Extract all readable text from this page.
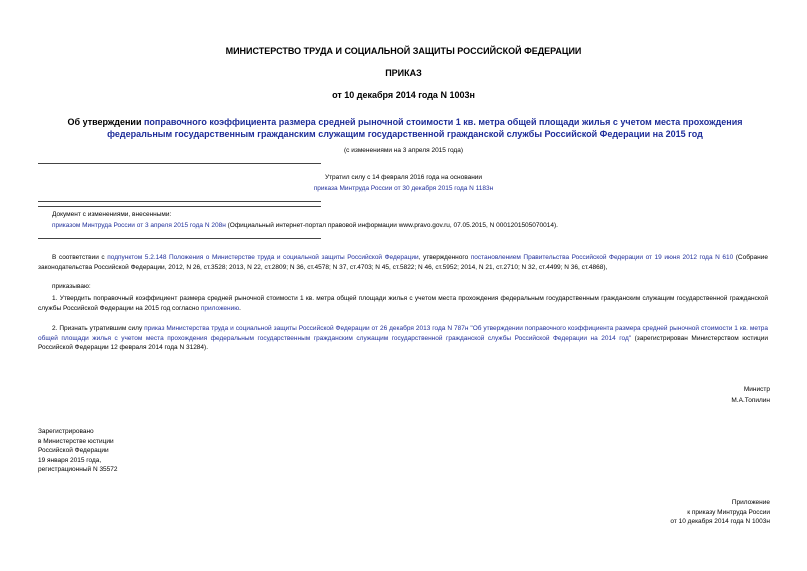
МИНИСТЕРСТВО ТРУДА И СОЦИАЛЬНОЙ ЗАЩИТЫ РОССИЙСКОЙ ФЕДЕРАЦИИ
ПРИКАЗ
от 10 декабря 2014 года N 1003н
Об утверждении поправочного коэффициента размера средней рыночной стоимости 1 кв. метра общей площади жилья с учетом места прохождения федеральным государственным гражданским служащим государственной гражданской службы Российской Федерации на 2015 год
(с изменениями на 3 апреля 2015 года)
Утратил силу с 14 февраля 2016 года на основании
приказа Минтруда России от 30 декабря 2015 года N 1183н
Документ с изменениями, внесенными:
приказом Минтруда России от 3 апреля 2015 года N 208н (Официальный интернет-портал правовой информации www.pravo.gov.ru, 07.05.2015, N 0001201505070014).
В соответствии с подпунктом 5.2.148 Положения о Министерстве труда и социальной защиты Российской Федерации, утвержденного постановлением Правительства Российской Федерации от 19 июня 2012 года N 610 (Собрание законодательства Российской Федерации, 2012, N 26, ст.3528; 2013, N 22, ст.2809; N 36, ст.4578; N 37, ст.4703; N 45, ст.5822; N 46, ст.5952; 2014, N 21, ст.2710; N 32, ст.4499; N 36, ст.4868),
приказываю:
1. Утвердить поправочный коэффициент размера средней рыночной стоимости 1 кв. метра общей площади жилья с учетом места прохождения федеральным государственным гражданским служащим государственной гражданской службы Российской Федерации на 2015 год согласно приложению.
2. Признать утратившим силу приказ Министерства труда и социальной защиты Российской Федерации от 26 декабря 2013 года N 787н "Об утверждении поправочного коэффициента размера средней рыночной стоимости 1 кв. метра общей площади жилья с учетом места прохождения федеральным государственным гражданским служащим государственной гражданской службы Российской Федерации на 2014 год" (зарегистрирован Министерством юстиции Российской Федерации 12 февраля 2014 года N 31284).
Министр
М.А.Топилин

Зарегистрировано

в Министерстве юстиции

Российской Федерации

19 января 2015 года,

регистрационный N 35572

Приложение

к приказу Минтруда России

от 10 декабря 2014 года N 1003н
